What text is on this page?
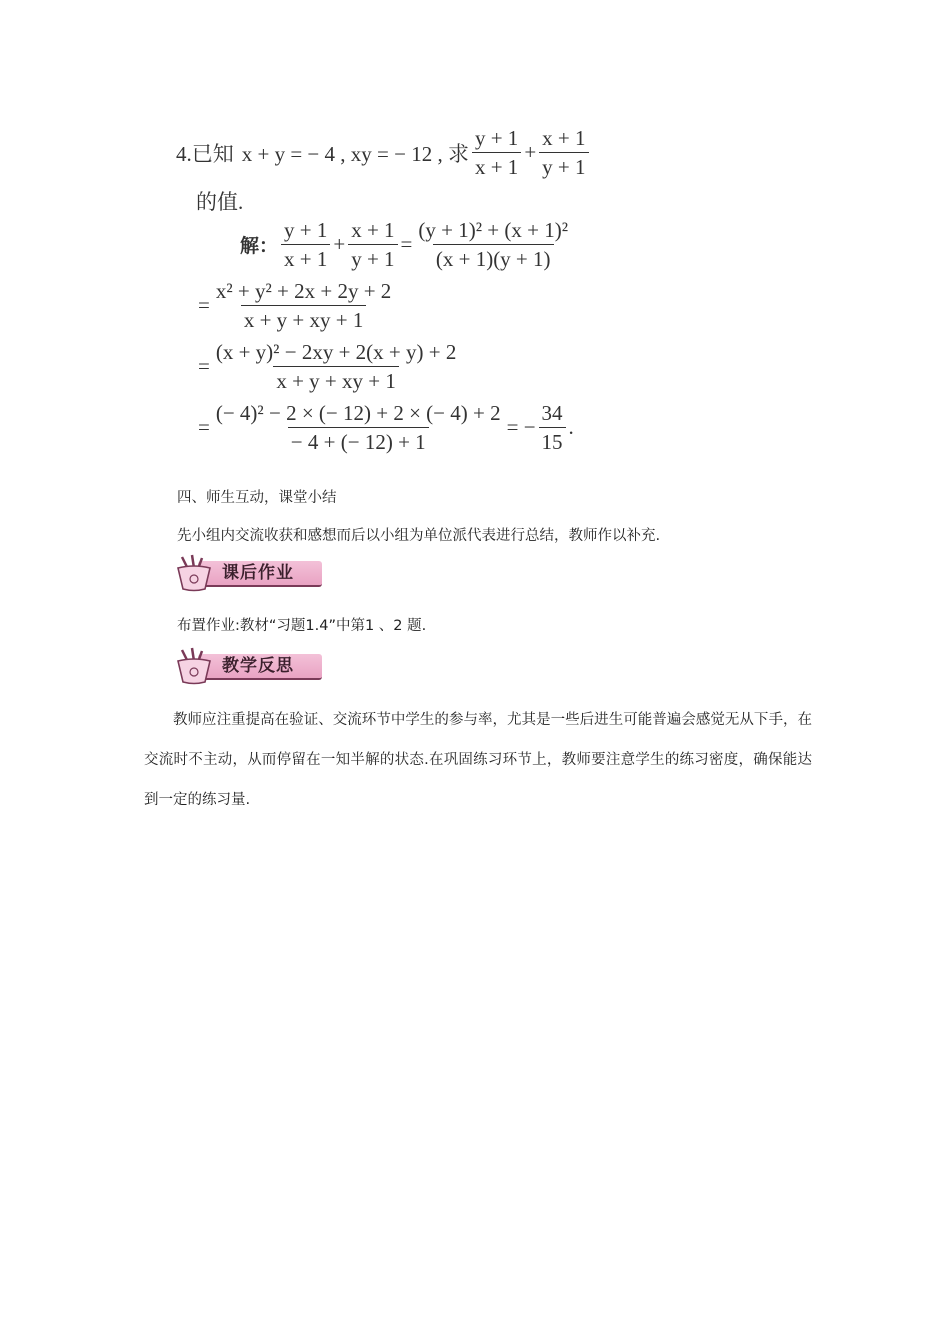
4.已知 x + y = − 4 , xy = − 12 , 求 $\frac{y + 1}{x + 1} + \frac{x + 1}{y + 1}$
的值.
解： $\frac{y + 1}{x + 1} + \frac{x + 1}{y + 1} = \frac{\text{(y + 1)² + (x + 1)²}}{(x + 1)(y + 1)}$
= $\frac{\text{x² + y² + 2x + 2y + 2}}{x + y + xy + 1}$
= $\frac{\text{(x + y)² − 2xy + 2(x + y) + 2}}{x + y + xy + 1}$
= $\frac{\text{(− 4)² − 2 × (− 12) + 2 × (− 4) + 2}}{- 4 + (- 12) + 1}$ = − $\frac{34}{15}$ .
四、师生互动，课堂小结
先小组内交流收获和感想而后以小组为单位派代表进行总结，教师作以补充.
课后作业
布置作业:教材“习题1.4”中第1 、2 题.
教学反思
教师应注重提高在验证、交流环节中学生的参与率，尤其是一些后进生可能普遍会感觉无从下手，在交流时不主动，从而停留在一知半解的状态.在巩固练习环节上，教师要注意学生的练习密度，确保能达到一定的练习量.
